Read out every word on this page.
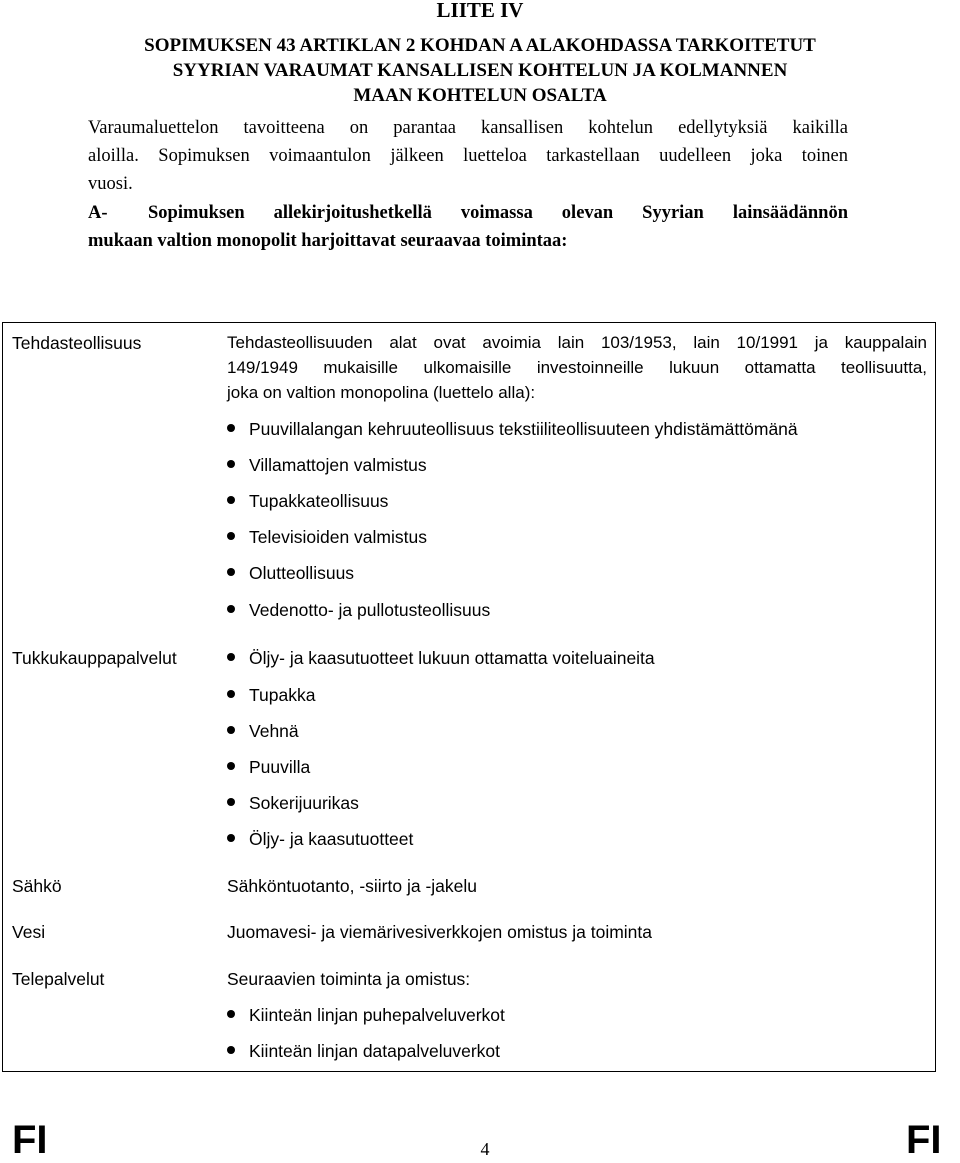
LIITE IV
SOPIMUKSEN 43 ARTIKLAN 2 KOHDAN A ALAKOHDASSA TARKOITETUT
SYYRIAN VARAUMAT KANSALLISEN KOHTELUN JA KOLMANNEN
MAAN KOHTELUN OSALTA
Varaumaluettelon tavoitteena on parantaa kansallisen kohtelun edellytyksiä kaikilla
aloilla. Sopimuksen voimaantulon jälkeen luetteloa tarkastellaan uudelleen joka toinen
vuosi.
A-	Sopimuksen allekirjoitushetkellä voimassa olevan Syyrian lainsäädännön
mukaan valtion monopolit harjoittavat seuraavaa toimintaa:
Tehdasteollisuus	Tehdasteollisuuden alat ovat avoimia lain 103/1953, lain 10/1991 ja kauppalain
149/1949 mukaisille ulkomaisille investoinneille lukuun ottamatta teollisuutta,
joka on valtion monopolina (luettelo alla):
Puuvillalangan kehruuteollisuus tekstiiliteollisuuteen yhdistämättömänä
Villamattojen valmistus
Tupakkateollisuus
Televisioiden valmistus
Olutteollisuus
Vedenotto- ja pullotusteollisuus
Tukkukauppapalvelut	Öljy- ja kaasutuotteet lukuun ottamatta voiteluaineita
Tupakka
Vehnä
Puuvilla
Sokerijuurikas
Öljy- ja kaasutuotteet
Sähkö	Sähköntuotanto, -siirto ja -jakelu
Vesi	Juomavesi- ja viemärivesiverkkojen omistus ja toiminta
Telepalvelut	Seuraavien toiminta ja omistus:
Kiinteän linjan puhepalveluverkot
Kiinteän linjan datapalveluverkot
FI	4	FI
